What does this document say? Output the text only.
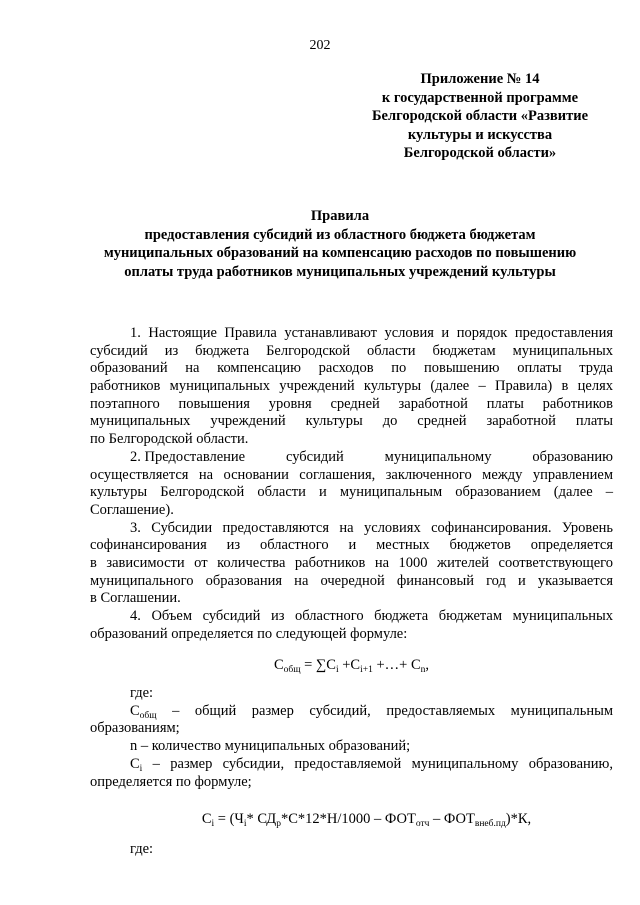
202
Приложение № 14
к государственной программе
Белгородской области «Развитие
культуры и искусства
Белгородской области»
Правила
предоставления субсидий из областного бюджета бюджетам
муниципальных образований на компенсацию расходов по повышению
оплаты труда работников муниципальных учреждений культуры
1. Настоящие Правила устанавливают условия и порядок предоставления
субсидий из бюджета Белгородской области бюджетам муниципальных
образований на компенсацию расходов по повышению оплаты труда
работников муниципальных учреждений культуры (далее – Правила) в целях
поэтапного повышения уровня средней заработной платы работников
муниципальных учреждений культуры до средней заработной платы
по Белгородской области.
2. Предоставление	субсидий	муниципальному	образованию
осуществляется на основании соглашения, заключенного между управлением
культуры Белгородской области и муниципальным образованием (далее –
Соглашение).
3. Субсидии предоставляются на условиях софинансирования. Уровень
софинансирования из областного и местных бюджетов определяется
в зависимости от количества работников на 1000 жителей соответствующего
муниципального образования на очередной финансовый год и указывается
в Соглашении.
4. Объем субсидий из областного бюджета бюджетам муниципальных
образований определяется по следующей формуле:
$С_{общ} = \sum С_i +С_{i+1}$ +…+ $С_n$,
где:
$С_{общ}$ – общий размер субсидий, предоставляемых муниципальным
образованиям;
n – количество муниципальных образований;
$С_i$ – размер субсидии, предоставляемой муниципальному образованию,
определяется по формуле;
$С_i = (Ч_i*$ $СД_р*С*12*Н/1000 - ФОТ_{отч} - ФОТ_{внеб.пд})*К$,
где:
